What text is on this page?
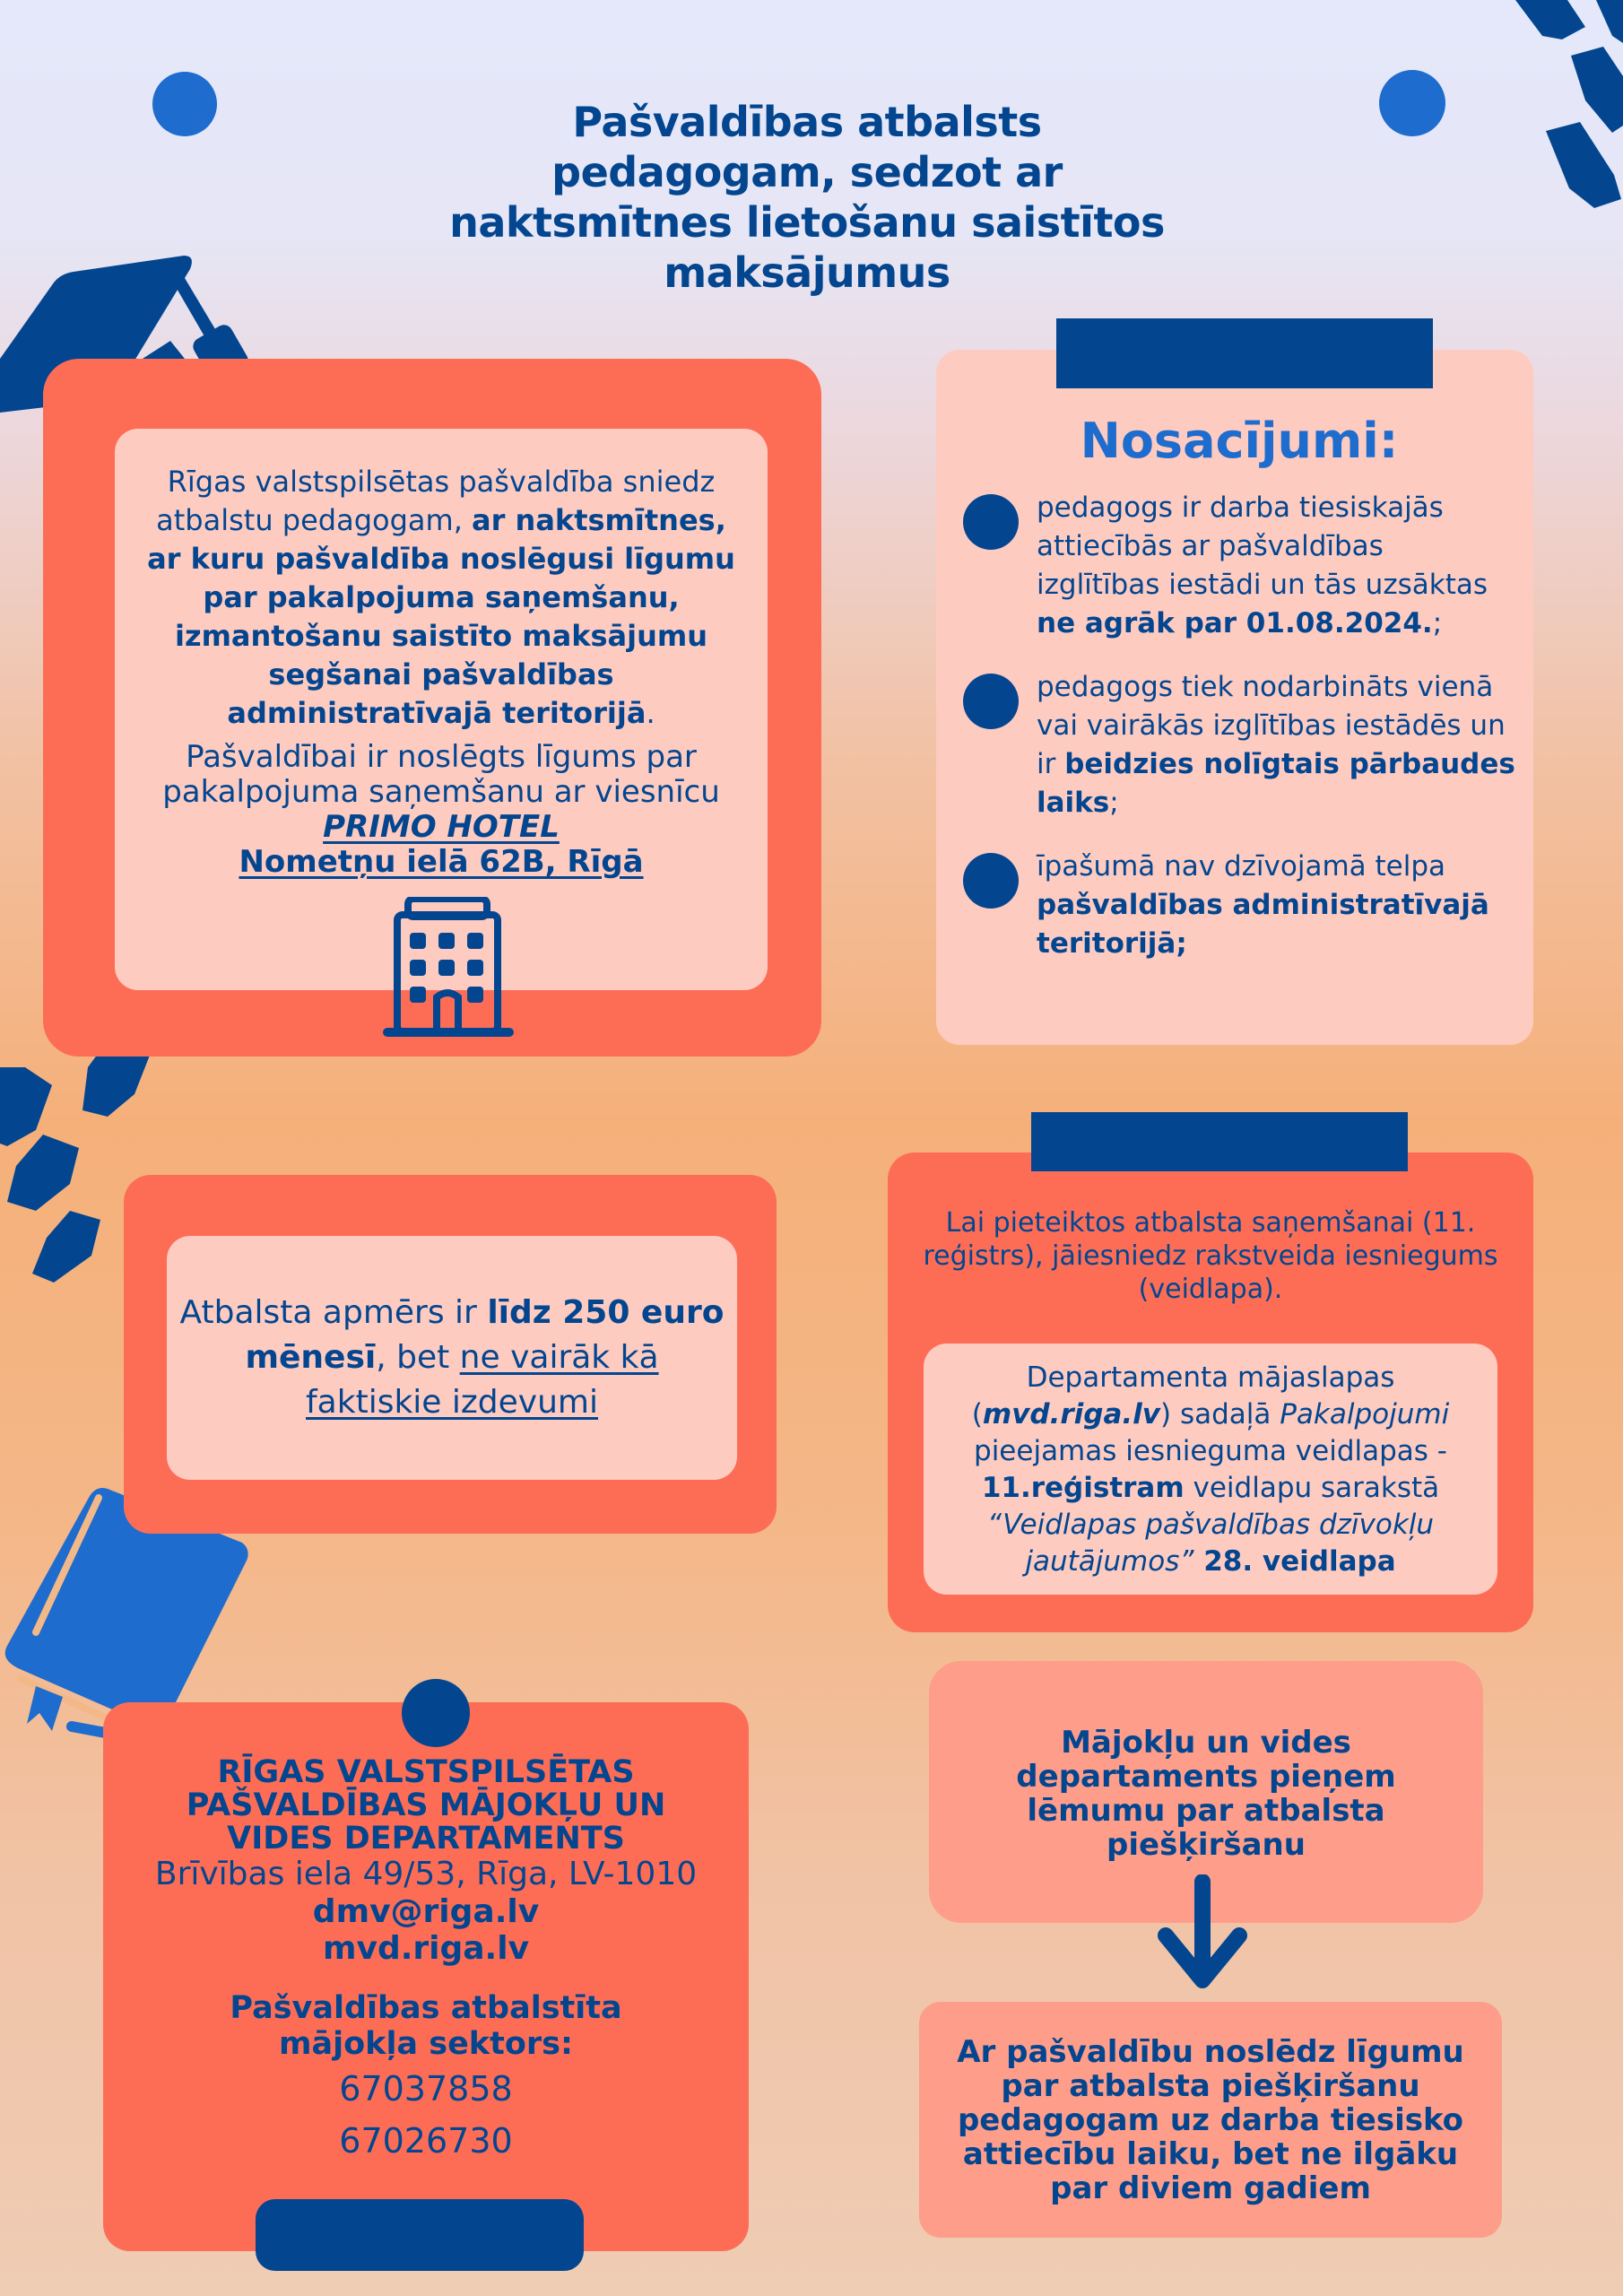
Pašvaldības atbalsts
pedagogam, sedzot ar
naktsmītnes lietošanu saistītos
maksājumus

Rīgas valstspilsētas pašvaldība sniedz atbalstu pedagogam, ar naktsmītnes, ar kuru pašvaldība noslēgusi līgumu par pakalpojuma saņemšanu, izmantošanu saistīto maksājumu segšanai pašvaldības administratīvajā teritorijā.

Pašvaldībai ir noslēgts līgums par pakalpojuma saņemšanu ar viesnīcu PRIMO HOTEL
Nometņu ielā 62B, Rīgā

Nosacījumi:

pedagogs ir darba tiesiskajās attiecībās ar pašvaldības izglītības iestādi un tās uzsāktas ne agrāk par 01.08.2024.;

pedagogs tiek nodarbināts vienā vai vairākās izglītības iestādēs un ir beidzies nolīgtais pārbaudes laiks;

īpašumā nav dzīvojamā telpa pašvaldības administratīvajā teritorijā;

Atbalsta apmērs ir līdz 250 euro mēnesī, bet ne vairāk kā faktiskie izdevumi

Lai pieteiktos atbalsta saņemšanai (11. reģistrs), jāiesniedz rakstveida iesniegums (veidlapa).

Departamenta mājaslapas (mvd.riga.lv) sadaļā Pakalpojumi pieejamas iesnieguma veidlapas - 11.reģistram veidlapu sarakstā “Veidlapas pašvaldības dzīvokļu jautājumos” 28. veidlapa

RĪGAS VALSTSPILSĒTAS
PAŠVALDĪBAS MĀJOKĻU UN
VIDES DEPARTAMENTS
Brīvības iela 49/53, Rīga, LV-1010
dmv@riga.lv
mvd.riga.lv
Pašvaldības atbalstīta
mājokļa sektors:
67037858
67026730

Mājokļu un vides departaments pieņem lēmumu par atbalsta piešķiršanu

Ar pašvaldību noslēdz līgumu par atbalsta piešķiršanu pedagogam uz darba tiesisko attiecību laiku, bet ne ilgāku par diviem gadiem
